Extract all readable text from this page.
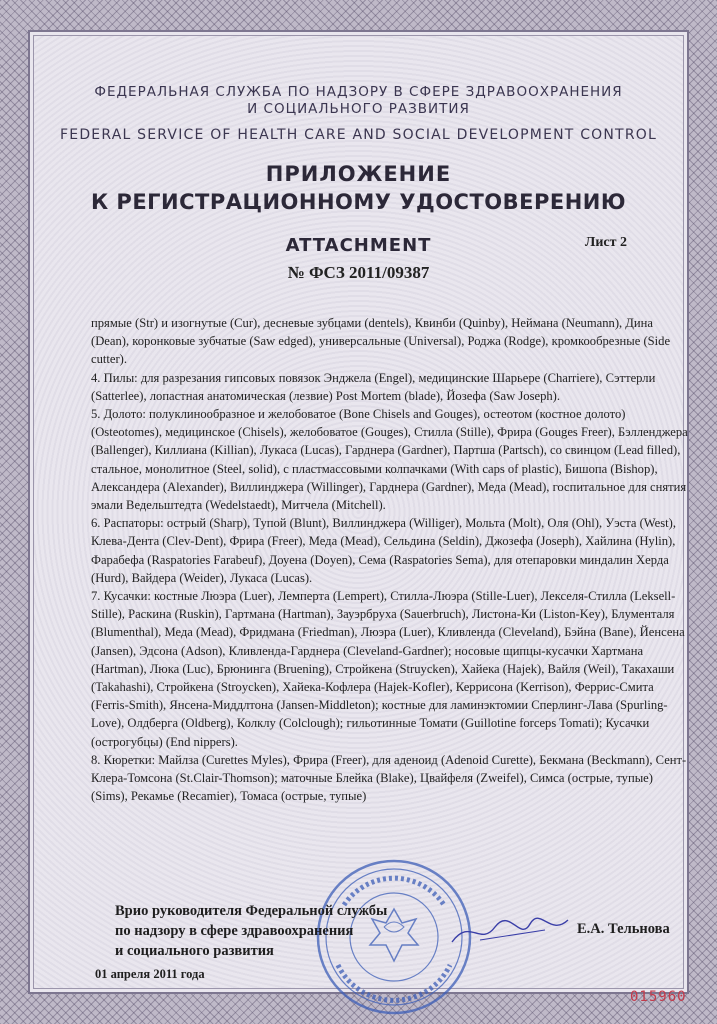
ФЕДЕРАЛЬНАЯ СЛУЖБА ПО НАДЗОРУ В СФЕРЕ ЗДРАВООХРАНЕНИЯ
И СОЦИАЛЬНОГО РАЗВИТИЯ
FEDERAL SERVICE OF HEALTH CARE AND SOCIAL DEVELOPMENT CONTROL
ПРИЛОЖЕНИЕ
К РЕГИСТРАЦИОННОМУ УДОСТОВЕРЕНИЮ
ATTACHMENT	Лист 2
№ ФСЗ 2011/09387

прямые (Str) и изогнутые (Cur), десневые зубцами (dentels), Квинби (Quinby), Неймана (Neumann), Дина (Dean), коронковые зубчатые (Saw edged), универсальные (Universal), Роджа (Rodge), кромкообрезные (Side cutter).

4. Пилы: для разрезания гипсовых повязок Энджела (Engel), медицинские Шарьере (Charriere), Сэттерли (Satterlee), лопастная анатомическая (лезвие) Post Mortem (blade), Йозефа (Saw Joseph).

5. Долото: полуклинообразное и желобоватое (Bone Chisels and Gouges), остеотом (костное долото) (Osteotomes), медицинское (Chisels), желобоватое (Gouges), Стилла (Stille), Фрира (Gouges Freer), Бэлленджера (Ballenger), Киллиана (Killian), Лукаса (Lucas), Гарднера (Gardner), Партша (Partsch), со свинцом (Lead filled), стальное, монолитное (Steel, solid), с пластмассовыми колпачками (With caps of plastic), Бишопа (Bishop), Александера (Alexander), Виллинджера (Willinger), Гарднера (Gardner), Меда (Mead), госпитальное для снятия эмали Ведельштедта (Wedelstaedt), Митчела (Mitchell).

6. Распаторы: острый (Sharp), Тупой (Blunt), Виллинджера (Williger), Мольта (Molt), Оля (Ohl), Уэста (West), Клева-Дента (Clev-Dent), Фрира (Freer), Меда (Mead), Сельдина (Seldin), Джозефа (Joseph), Хайлина (Hylin), Фарабефа (Raspatories Farabeuf), Доуена (Doyen), Сема (Raspatories Sema), для отепаровки миндалин Херда (Hurd), Вайдера (Weider), Лукаса (Lucas).

7. Кусачки: костные Люэра (Luer), Лемперта (Lempert), Стилла-Люэра (Stille-Luer), Лекселя-Стилла (Leksell-Stille), Раскина (Ruskin), Гартмана (Hartman), Зауэрбруха (Sauerbruch), Листона-Ки (Liston-Key), Блументаля (Blumenthal), Меда (Mead), Фридмана (Friedman), Люэра (Luer), Кливленда (Cleveland), Бэйна (Bane), Йенсена (Jansen), Эдсона (Adson), Кливленда-Гарднера (Cleveland-Gardner); носовые щипцы-кусачки Хартмана (Hartman), Люка (Luc), Брюнинга (Bruening), Стройкена (Struycken), Хайека (Hajek), Вайля (Weil), Такахаши (Takahashi), Стройкена (Stroycken), Хайека-Кофлера (Hajek-Kofler), Керрисона (Kerrison), Феррис-Смита (Ferris-Smith), Янсена-Миддлтона (Jansen-Middleton); костные для ламинэктомии Сперлинг-Лава (Spurling-Love), Олдберга (Oldberg), Колклу (Colclough); гильотинные Томати (Guillotine forceps Tomati); Кусачки (острогубцы) (End nippers).

8. Кюретки: Майлза (Curettes Myles), Фрира (Freer), для аденоид (Adenoid Curette), Бекмана (Beckmann), Сент-Клера-Томсона (St.Clair-Thomson); маточные Блейка (Blake), Цвайфеля (Zweifel), Симса (острые, тупые) (Sims), Рекамье (Recamier), Томаса (острые, тупые)

Врио руководителя Федеральной службы
по надзору в сфере здравоохранения
и социального развития
01 апреля 2011 года
Е.А. Тельнова
015960
